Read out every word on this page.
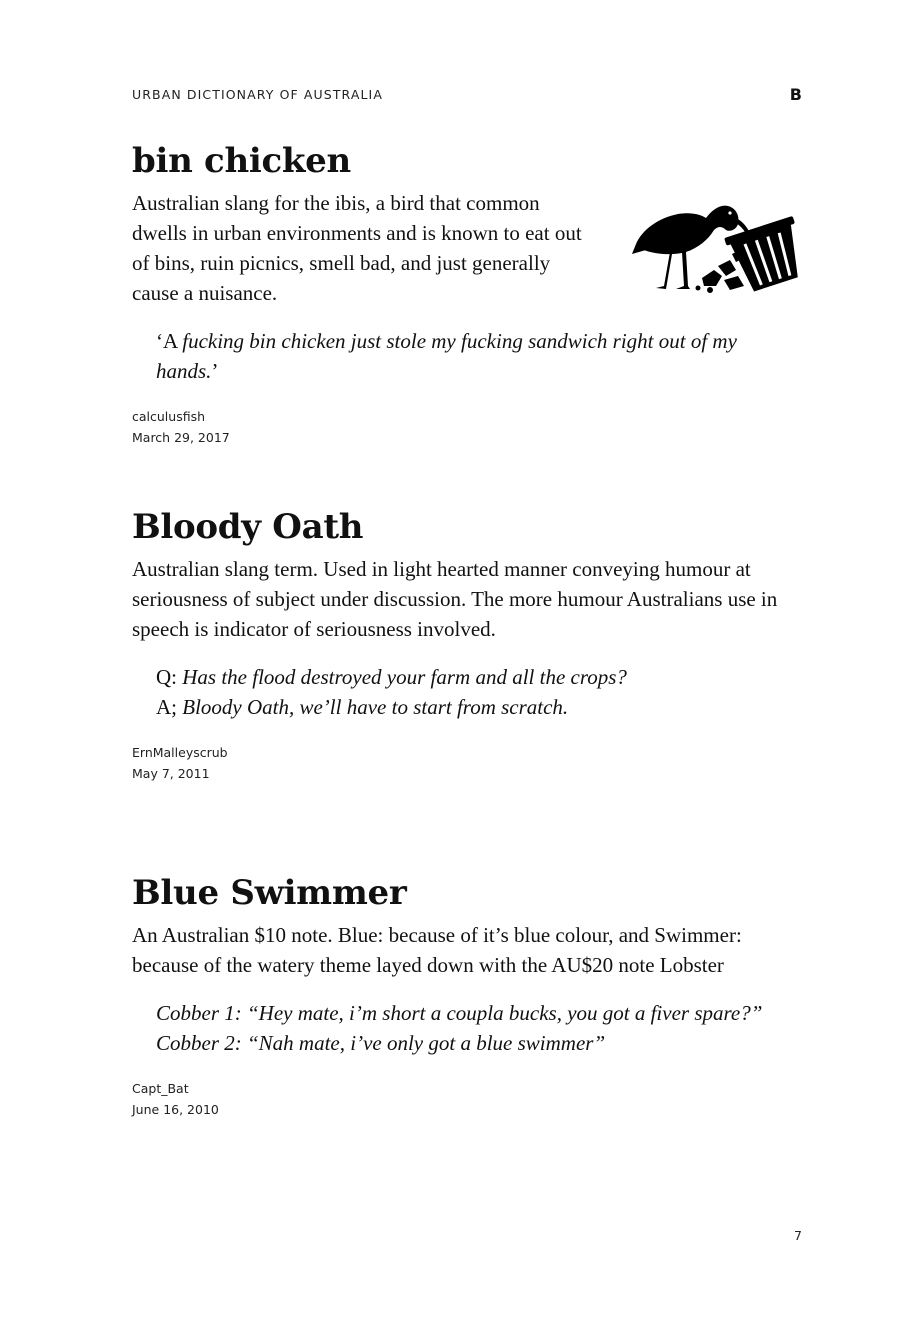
URBAN DICTIONARY OF AUSTRALIA	B
bin chicken

Australian slang for the ibis, a bird that common dwells in urban environments and is known to eat out of bins, ruin picnics, smell bad, and just generally cause a nuisance.

‘A fucking bin chicken just stole my fucking sandwich right out of my hands.’
calculusfish
March 29, 2017
Bloody Oath

Australian slang term. Used in light hearted manner conveying humour at seriousness of subject under discussion. The more humour Australians use in speech is indicator of seriousness involved.

Q: Has the flood destroyed your farm and all the crops?
A; Bloody Oath, we’ll have to start from scratch.
ErnMalleyscrub
May 7, 2011
Blue Swimmer

An Australian $10 note. Blue: because of it’s blue colour, and Swimmer: because of the watery theme layed down with the AU$20 note Lobster

Cobber 1: “Hey mate, i’m short a coupla bucks, you got a fiver spare?”
Cobber 2: “Nah mate, i’ve only got a blue swimmer”
Capt_Bat
June 16, 2010
7
